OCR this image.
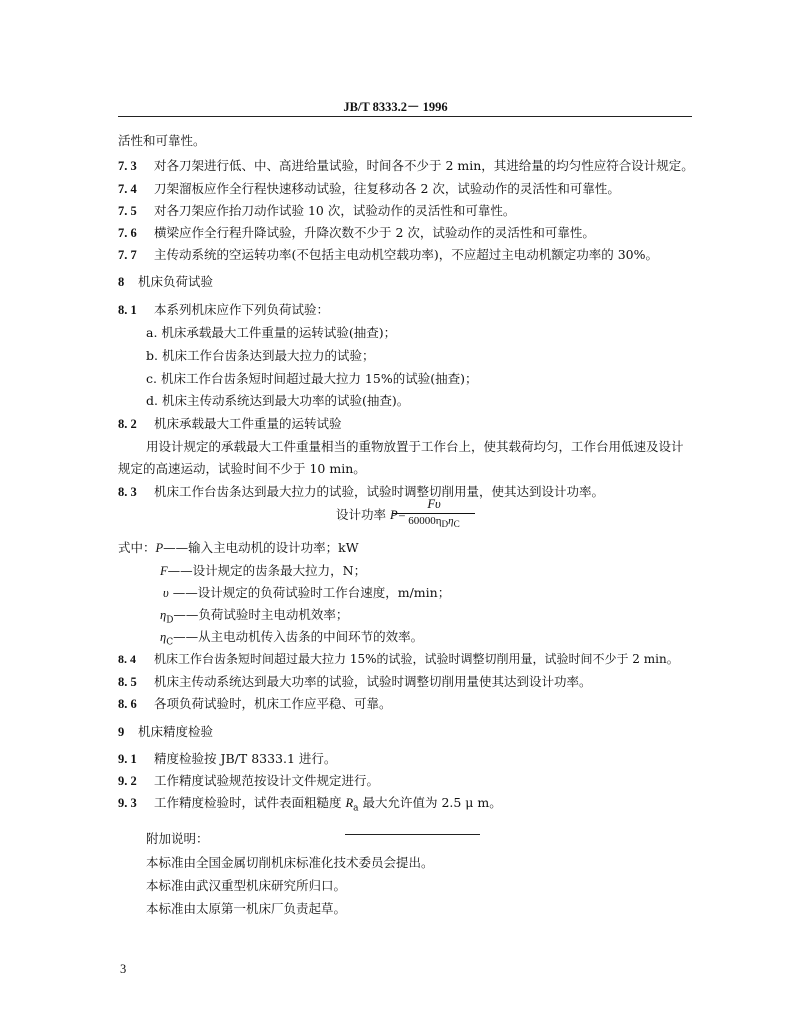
JB/T 8333.2－ 1996
活性和可靠性。
7. 3 对各刀架进行低、中、高进给量试验，时间各不少于 2 min，其进给量的均匀性应符合设计规定。
7. 4 刀架溜板应作全行程快速移动试验，往复移动各 2 次，试验动作的灵活性和可靠性。
7. 5 对各刀架应作抬刀动作试验 10 次，试验动作的灵活性和可靠性。
7. 6 横梁应作全行程升降试验，升降次数不少于 2 次，试验动作的灵活性和可靠性。
7. 7 主传动系统的空运转功率(不包括主电动机空载功率)，不应超过主电动机额定功率的 30%。
8 机床负荷试验
8. 1 本系列机床应作下列负荷试验：
a. 机床承载最大工件重量的运转试验(抽查)；
b. 机床工作台齿条达到最大拉力的试验；
c. 机床工作台齿条短时间超过最大拉力 15%的试验(抽查)；
d. 机床主传动系统达到最大功率的试验(抽查)。
8. 2 机床承载最大工件重量的运转试验
用设计规定的承载最大工件重量相当的重物放置于工作台上，使其载荷均匀，工作台用低速及设计
规定的高速运动，试验时间不少于 10 min。
8. 3 机床工作台齿条达到最大拉力的试验，试验时调整切削用量，使其达到设计功率。
设计功率 P=
Fυ
$60000\eta_D\eta_C$
式中：P——输入主电动机的设计功率；kW
F——设计规定的齿条最大拉力，N；
υ ——设计规定的负荷试验时工作台速度，m/min；
$\eta_D——$负荷试验时主电动机效率；
$\eta_C——$从主电动机传入齿条的中间环节的效率。
8. 4 机床工作台齿条短时间超过最大拉力 15%的试验，试验时调整切削用量，试验时间不少于 2 min。
8. 5 机床主传动系统达到最大功率的试验，试验时调整切削用量使其达到设计功率。
8. 6 各项负荷试验时，机床工作应平稳、可靠。
9 机床精度检验
9. 1 精度检验按 JB/T 8333.1 进行。
9. 2 工作精度试验规范按设计文件规定进行。
9. 3 工作精度检验时，试件表面粗糙度 $R_a$ 最大允许值为 2.5 μ m。
附加说明：
本标准由全国金属切削机床标准化技术委员会提出。
本标准由武汉重型机床研究所归口。
本标准由太原第一机床厂负责起草。
3
